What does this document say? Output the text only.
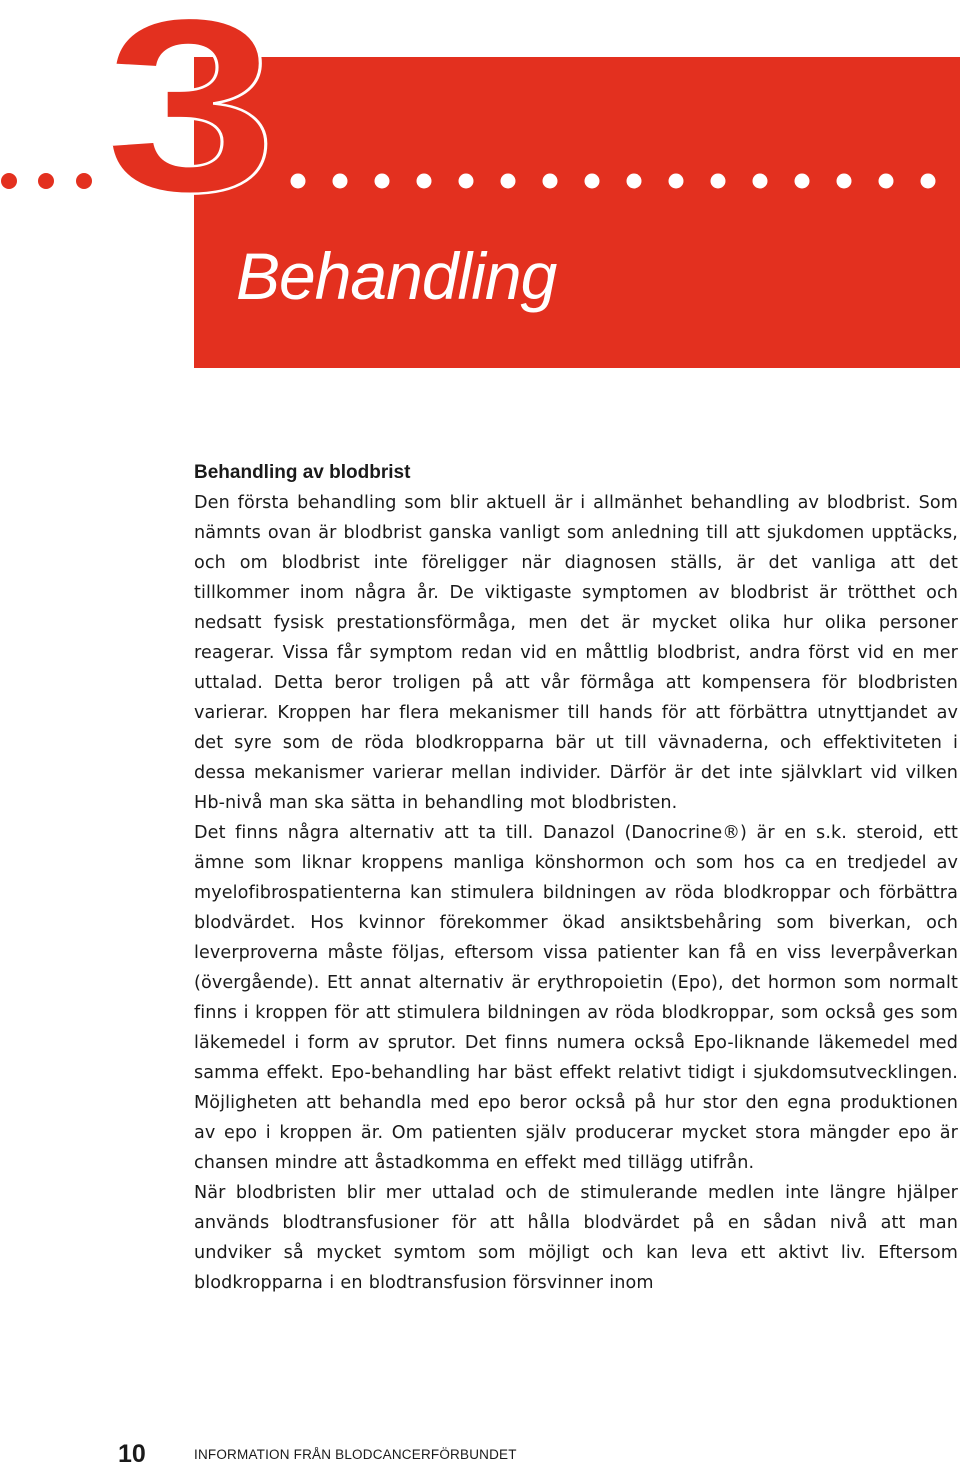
3
Behandling
Behandling av blodbrist

Den första behandling som blir aktuell är i allmänhet behandling av blodbrist. Som nämnts ovan är blodbrist ganska vanligt som anledning till att sjukdomen upptäcks, och om blodbrist inte föreligger när diagnosen ställs, är det vanliga att det tillkommer inom några år. De viktigaste symptomen av blodbrist är trötthet och nedsatt fysisk prestationsförmåga, men det är mycket olika hur olika personer reagerar. Vissa får symptom redan vid en måttlig blodbrist, andra först vid en mer uttalad. Detta beror troligen på att vår förmåga att kompensera för blodbristen varierar. Kroppen har flera mekanismer till hands för att förbättra utnyttjandet av det syre som de röda blodkropparna bär ut till vävnaderna, och effektiviteten i dessa mekanismer varierar mellan individer. Därför är det inte självklart vid vilken Hb-nivå man ska sätta in behandling mot blodbristen.

Det finns några alternativ att ta till. Danazol (Danocrine®) är en s.k. steroid, ett ämne som liknar kroppens manliga könshormon och som hos ca en tredjedel av myelofibrospatienterna kan stimulera bildningen av röda blodkroppar och förbättra blodvärdet. Hos kvinnor förekommer ökad ansiktsbehåring som biverkan, och leverproverna måste följas, eftersom vissa patienter kan få en viss leverpåverkan (övergående). Ett annat alternativ är erythropoietin (Epo), det hormon som normalt finns i kroppen för att stimulera bildningen av röda blodkroppar, som också ges som läkemedel i form av sprutor. Det finns numera också Epo-liknande läkemedel med samma effekt. Epo-behandling har bäst effekt relativt tidigt i sjukdomsutvecklingen. Möjligheten att behandla med epo beror också på hur stor den egna produktionen av epo i kroppen är. Om patienten själv producerar mycket stora mängder epo är chansen mindre att åstadkomma en effekt med tillägg utifrån.

När blodbristen blir mer uttalad och de stimulerande medlen inte längre hjälper används blodtransfusioner för att hålla blodvärdet på en sådan nivå att man undviker så mycket symtom som möjligt och kan leva ett aktivt liv. Eftersom blodkropparna i en blodtransfusion försvinner inom

10	INFORMATION FRÅN BLODCANCERFÖRBUNDET
